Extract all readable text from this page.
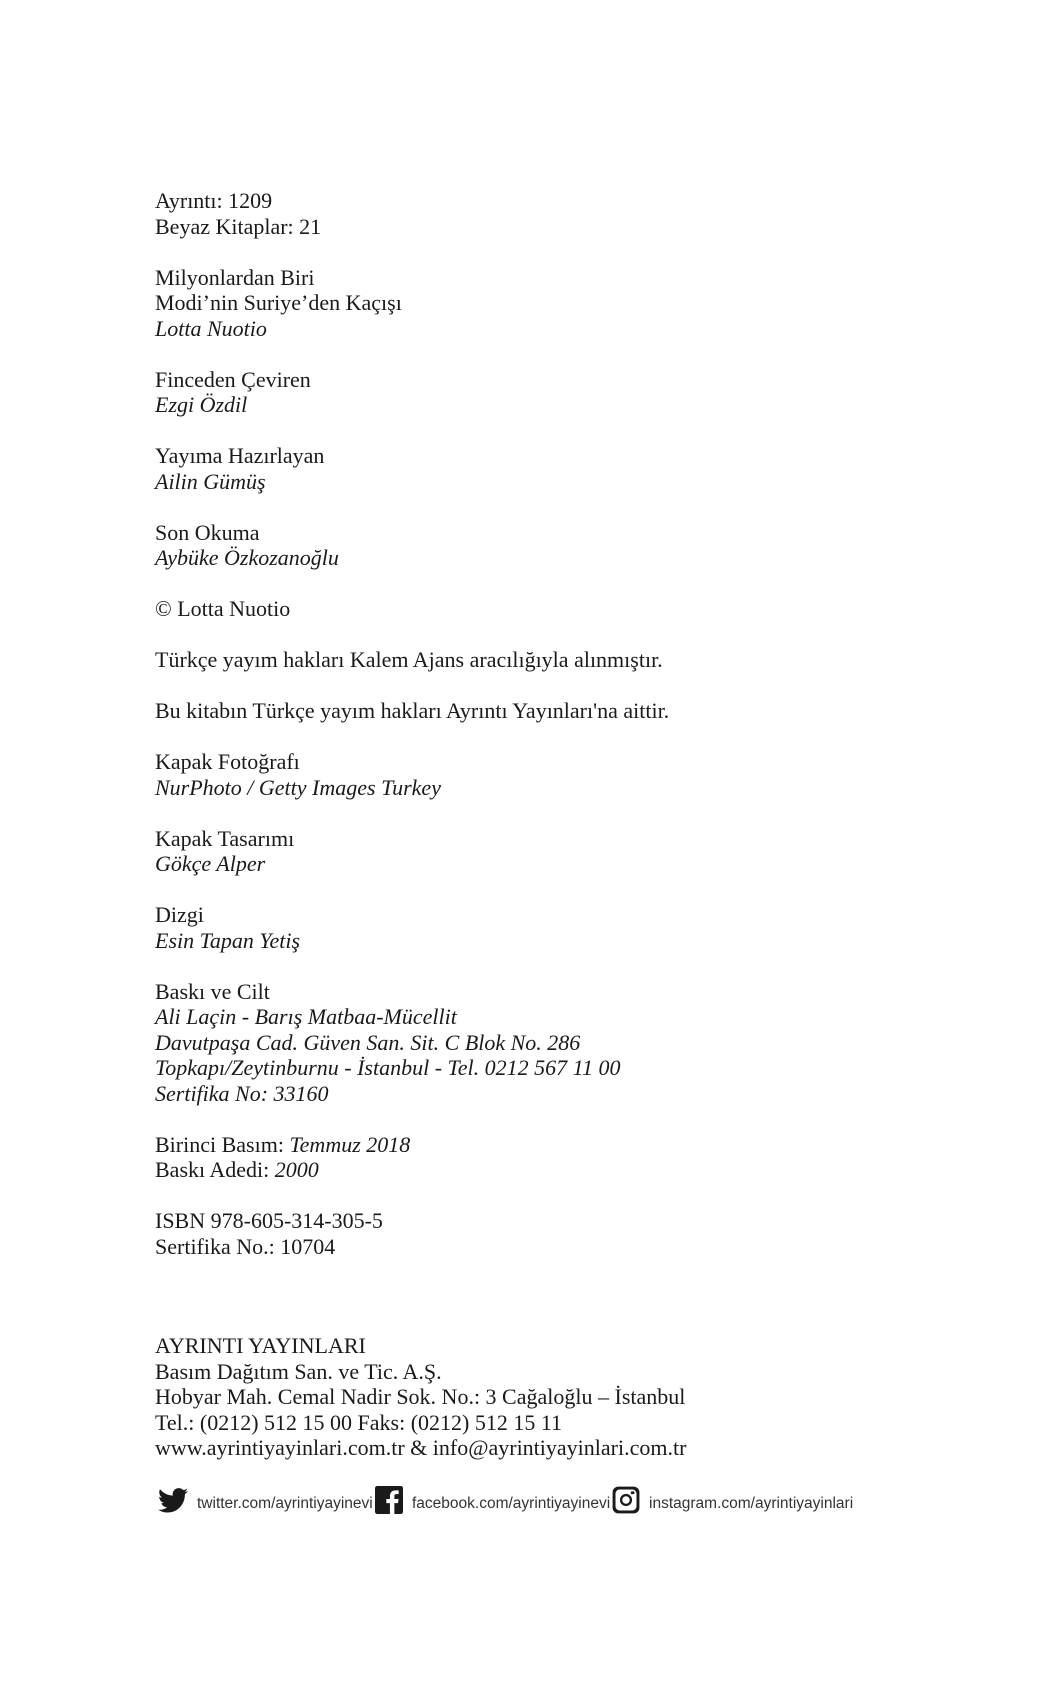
Ayrıntı: 1209
Beyaz Kitaplar: 21
Milyonlardan Biri
Modi’nin Suriye’den Kaçışı
Lotta Nuotio
Finceden Çeviren
Ezgi Özdil
Yayıma Hazırlayan
Ailin Gümüş
Son Okuma
Aybüke Özkozanoğlu
© Lotta Nuotio
Türkçe yayım hakları Kalem Ajans aracılığıyla alınmıştır.
Bu kitabın Türkçe yayım hakları Ayrıntı Yayınları'na aittir.
Kapak Fotoğrafı
NurPhoto / Getty Images Turkey
Kapak Tasarımı
Gökçe Alper
Dizgi
Esin Tapan Yetiş
Baskı ve Cilt
Ali Laçin - Barış Matbaa-Mücellit
Davutpaşa Cad. Güven San. Sit. C Blok No. 286
Topkapı/Zeytinburnu - İstanbul - Tel. 0212 567 11 00
Sertifika No: 33160
Birinci Basım: Temmuz 2018
Baskı Adedi: 2000
ISBN 978-605-314-305-5
Sertifika No.: 10704
AYRINTI YAYINLARI
Basım Dağıtım San. ve Tic. A.Ş.
Hobyar Mah. Cemal Nadir Sok. No.: 3 Cağaloğlu – İstanbul
Tel.: (0212) 512 15 00 Faks: (0212) 512 15 11
www.ayrintiyayinlari.com.tr & info@ayrintiyayinlari.com.tr
twitter.com/ayrintiyayinevi	facebook.com/ayrintiyayinevi	instagram.com/ayrintiyayinlari
